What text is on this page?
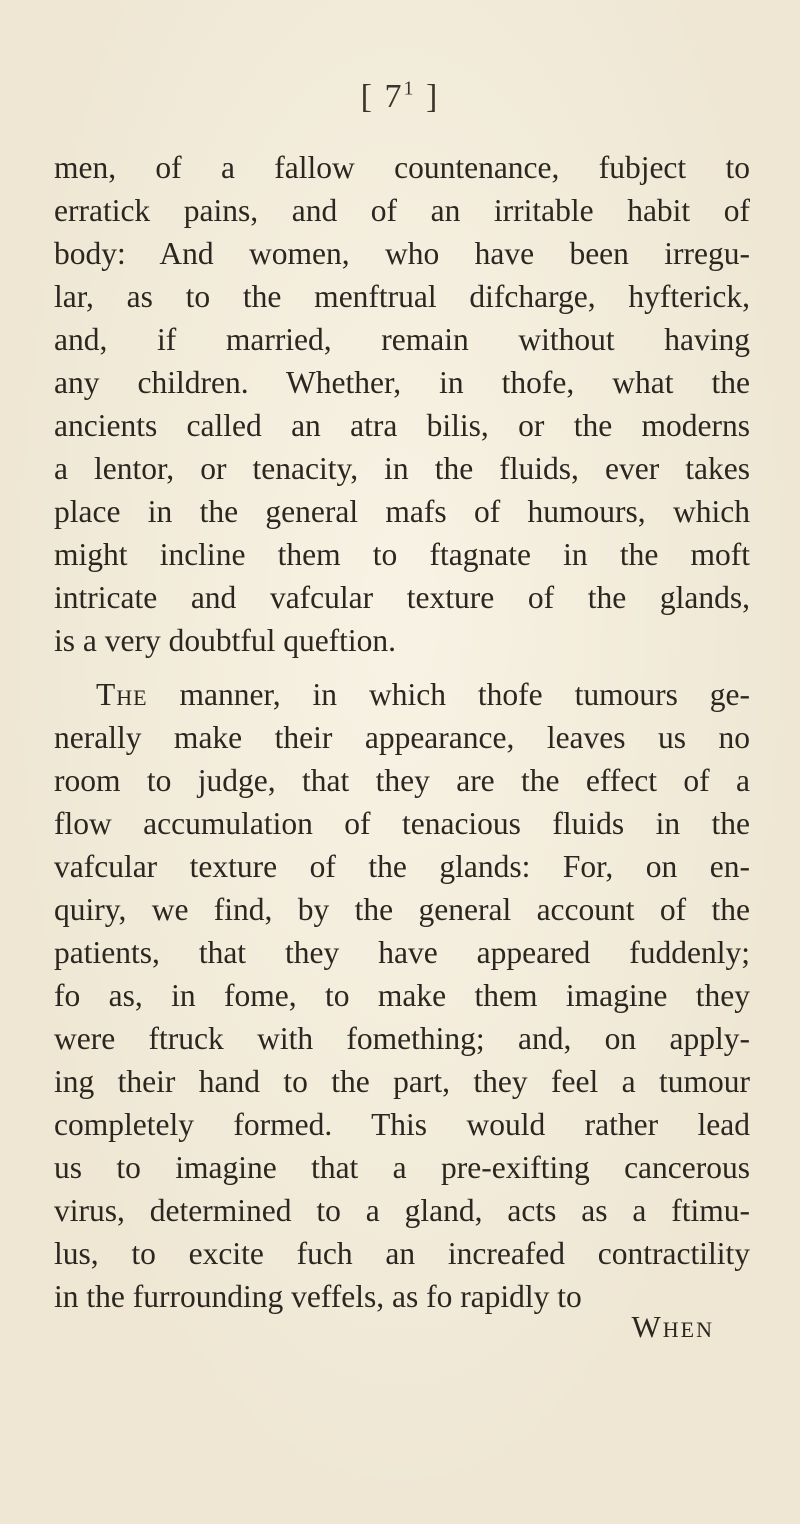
[ $7^1$ ]
men, of a fallow countenance, fubject to
erratick pains, and of an irritable habit of
body: And women, who have been irregu-
lar, as to the menftrual difcharge, hyfterick,
and, if married, remain without having
any children. Whether, in thofe, what the
ancients called an atra bilis, or the moderns
a lentor, or tenacity, in the fluids, ever takes
place in the general mafs of humours, which
might incline them to ftagnate in the moft
intricate and vafcular texture of the glands,
is a very doubtful queftion.
The manner, in which thofe tumours ge-
nerally make their appearance, leaves us no
room to judge, that they are the effect of a
flow accumulation of tenacious fluids in the
vafcular texture of the glands: For, on en-
quiry, we find, by the general account of the
patients, that they have appeared fuddenly;
fo as, in fome, to make them imagine they
were ftruck with fomething; and, on apply-
ing their hand to the part, they feel a tumour
completely formed. This would rather lead
us to imagine that a pre-exifting cancerous
virus, determined to a gland, acts as a ftimu-
lus, to excite fuch an increafed contractility
in the furrounding veffels, as fo rapidly to
When
